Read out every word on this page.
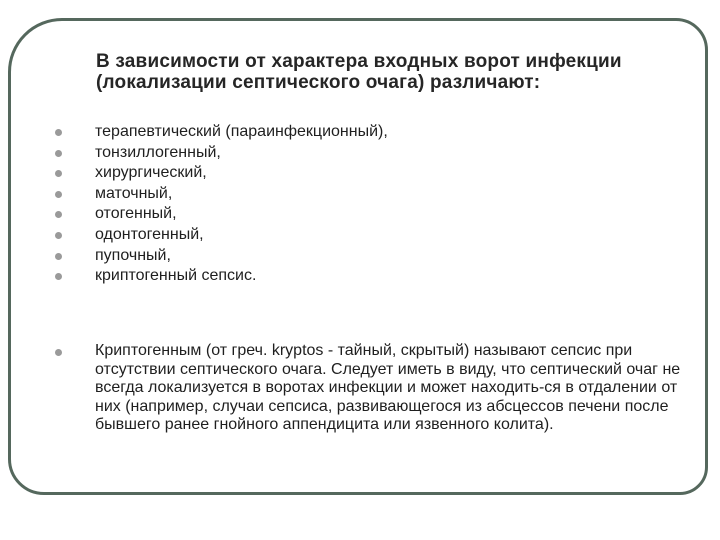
В зависимости от характера входных ворот инфекции (локализации септического очага) различают:

терапевтический (параинфекционный),
тонзиллогенный,
хирургический,
маточный,
отогенный,
одонтогенный,
пупочный,
криптогенный сепсис.

Криптогенным (от греч. kryptos - тайный, скрытый) называют сепсис при отсутствии септического очага. Следует иметь в виду, что септический очаг не всегда локализуется в воротах инфекции и может находить-ся в отдалении от них (например, случаи сепсиса, развивающегося из абсцессов печени после бывшего ранее гнойного аппендицита или язвенного колита).
